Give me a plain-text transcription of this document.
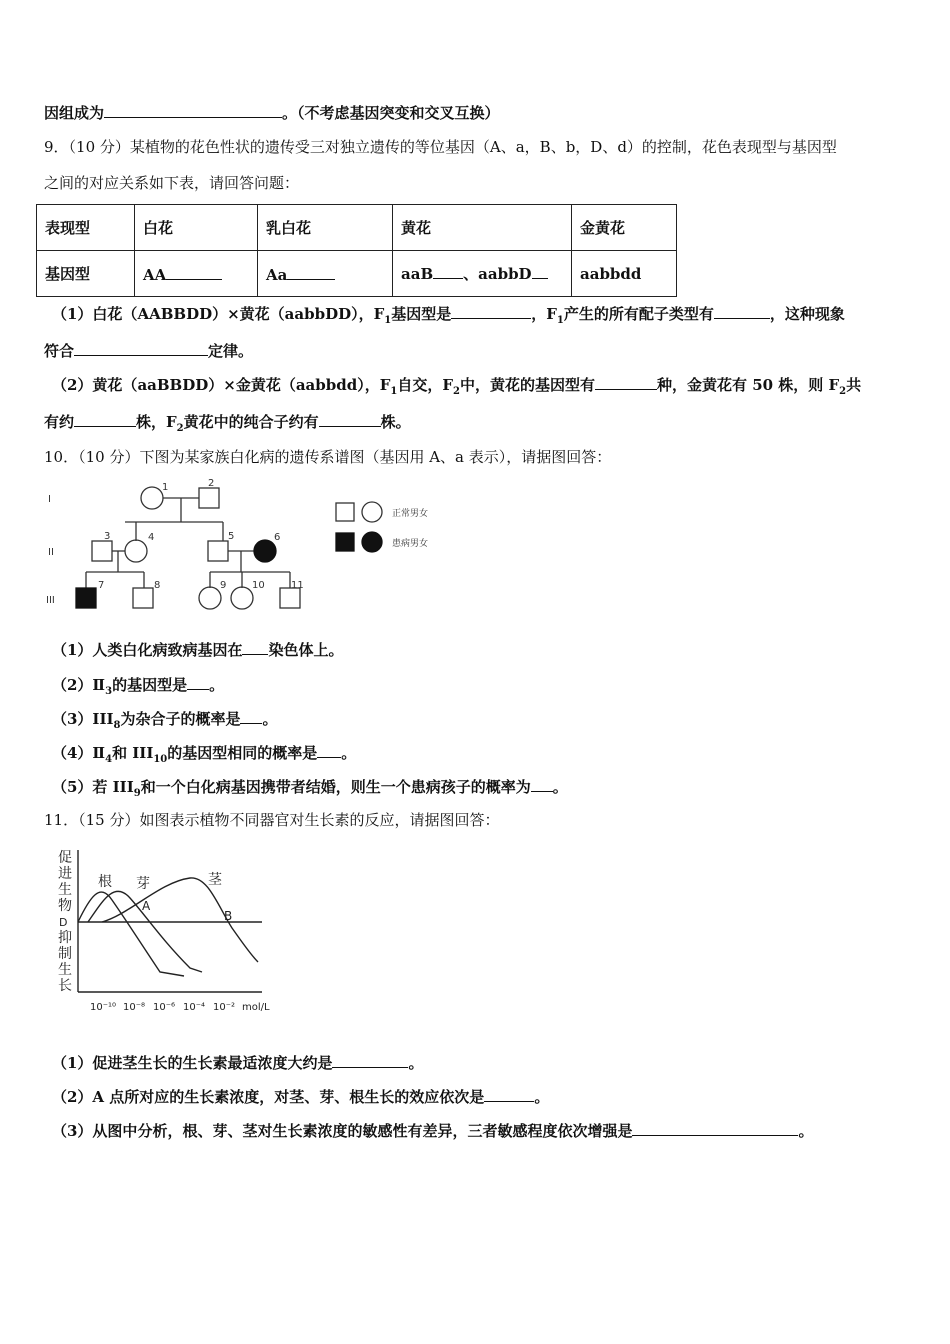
因组成为	。（不考虑基因突变和交叉互换）
9．（10 分）某植物的花色性状的遗传受三对独立遗传的等位基因（A、a，B、b，D、d）的控制，花色表现型与基因型
之间的对应关系如下表，请回答问题：
表现型	白花	乳白花	黄花	金黄花
基因型	AA	Aa	aaB 、aabbD	aabbdd
（1）白花（AABBDD）×黄花（aabbDD），$F_1$基因型是	，$F_1$产生的所有配子类型有	，这种现象
符合	定律。
（2）黄花（aaBBDD）×金黄花（aabbdd），$F_1$自交，$F_2$中，黄花的基因型有	种，金黄花有 50 株，则 $F_2$共
有约	株，$F_2$黄花中的纯合子约有	株。
10．（10 分）下图为某家族白化病的遗传系谱图（基因用 A、a 表示），请据图回答：
I
II
III
1	2
3	4	5	6
7	8	9	10	11
正常男女
患病男女
（1）人类白化病致病基因在 染色体上。
$(2)Ⅱ_3$的基因型是 。
$(3)III_8$为杂合子的概率是 。
$(4)Ⅱ_4$和 $III_{10}$的基因型相同的概率是 。
（5）若 $III_9$和一个白化病基因携带者结婚，则生一个患病孩子的概率为 。
11．（15 分）如图表示植物不同器官对生长素的反应，请据图回答：
促
进
生
物
D
抑
制
生
长
根 芽	茎
A
B
10⁻¹⁰ 10⁻⁸ 10⁻⁶ 10⁻⁴ 10⁻² mol/L
（1）促进茎生长的生长素最适浓度大约是	。
（2）A 点所对应的生长素浓度，对茎、芽、根生长的效应依次是	。
（3）从图中分析，根、芽、茎对生长素浓度的敏感性有差异，三者敏感程度依次增强是	。
